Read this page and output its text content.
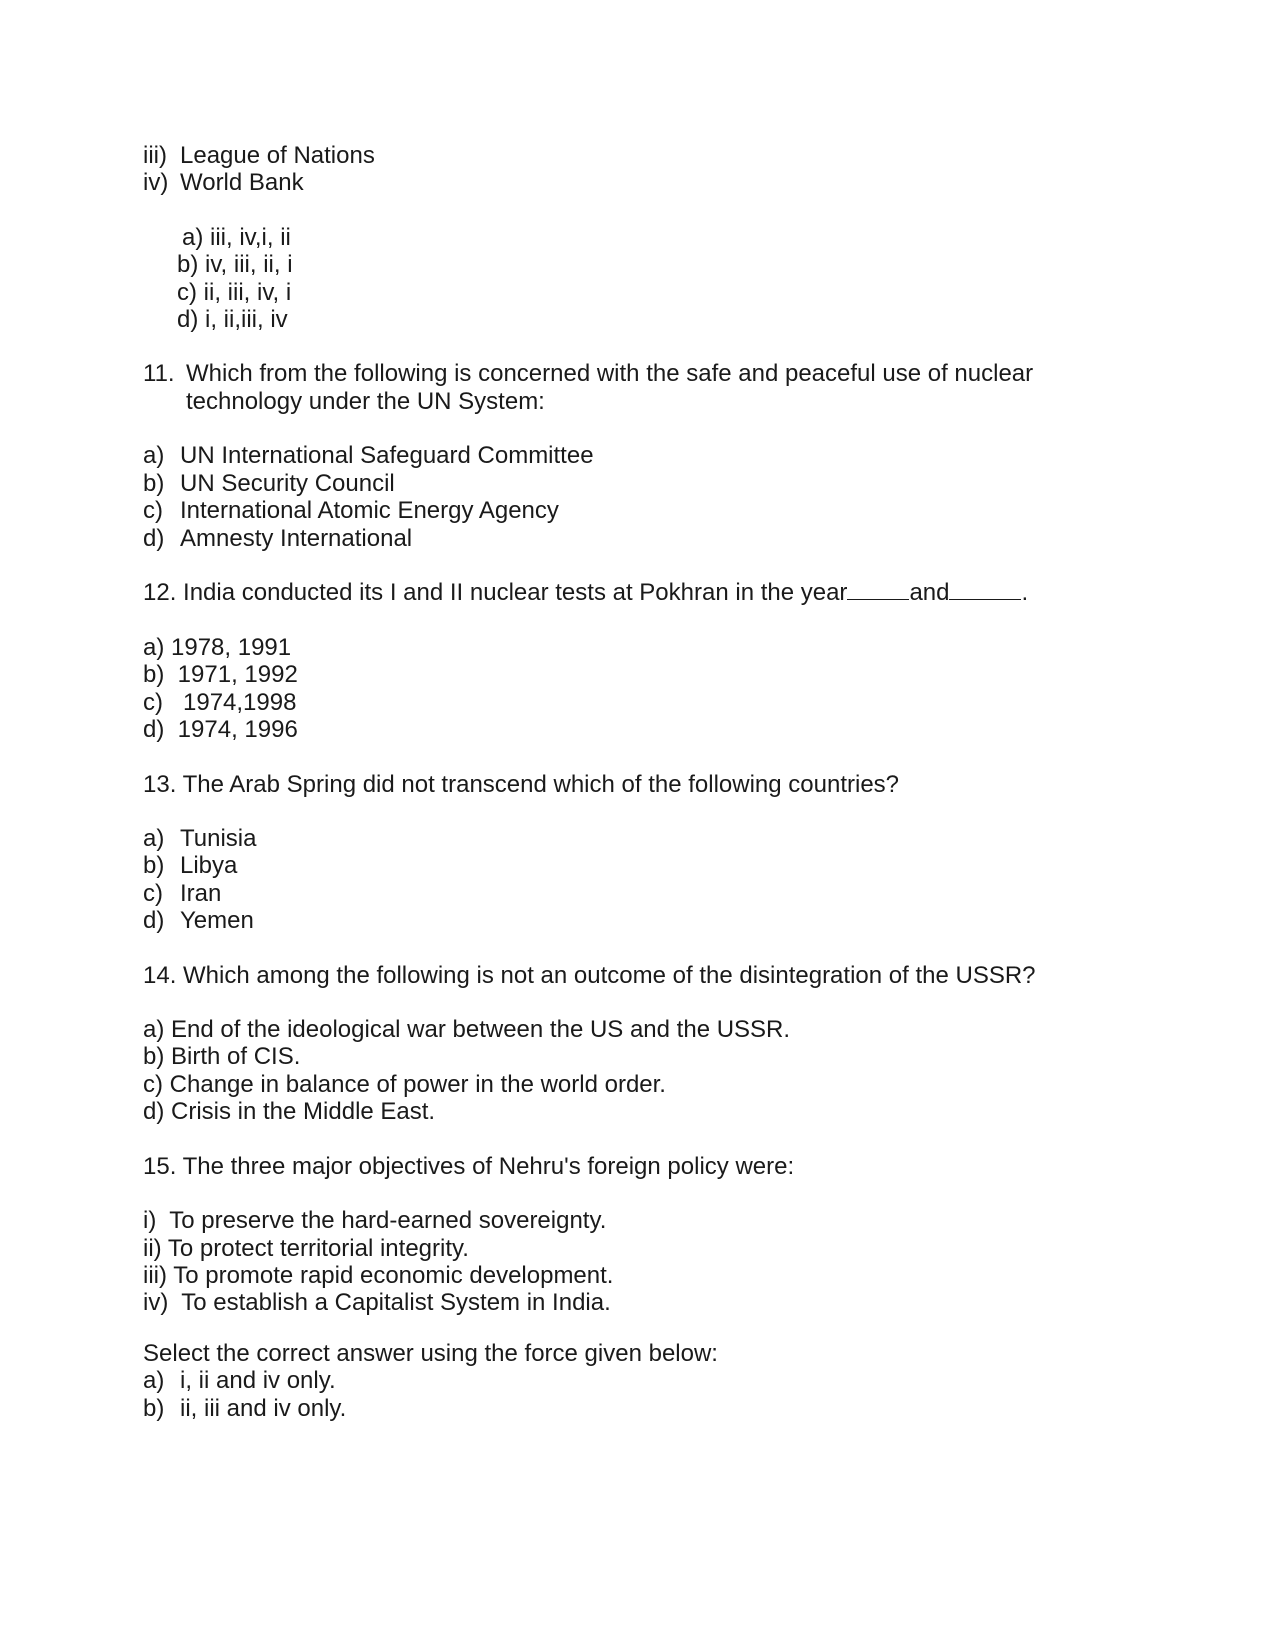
iii) League of Nations
iv) World Bank
a) iii, iv,i, ii
b) iv, iii, ii, i
c) ii, iii, iv, i
d) i, ii,iii, iv
11. Which from the following is concerned with the safe and peaceful use of nuclear
technology under the UN System:
a) UN International Safeguard Committee
b) UN Security Council
c) International Atomic Energy Agency
d) Amnesty International
12. India conducted its I and II nuclear tests at Pokhran in the year	and	.
a) 1978, 1991
b)  1971, 1992
c)   1974,1998
d)  1974, 1996
13. The Arab Spring did not transcend which of the following countries?
a) Tunisia
b) Libya
c) Iran
d) Yemen
14. Which among the following is not an outcome of the disintegration of the USSR?
a) End of the ideological war between the US and the USSR.
b) Birth of CIS.
c) Change in balance of power in the world order.
d) Crisis in the Middle East.
15. The three major objectives of Nehru's foreign policy were:
i)  To preserve the hard-earned sovereignty.
ii) To protect territorial integrity.
iii) To promote rapid economic development.
iv)  To establish a Capitalist System in India.
Select the correct answer using the force given below:
a) i, ii and iv only.
b) ii, iii and iv only.
